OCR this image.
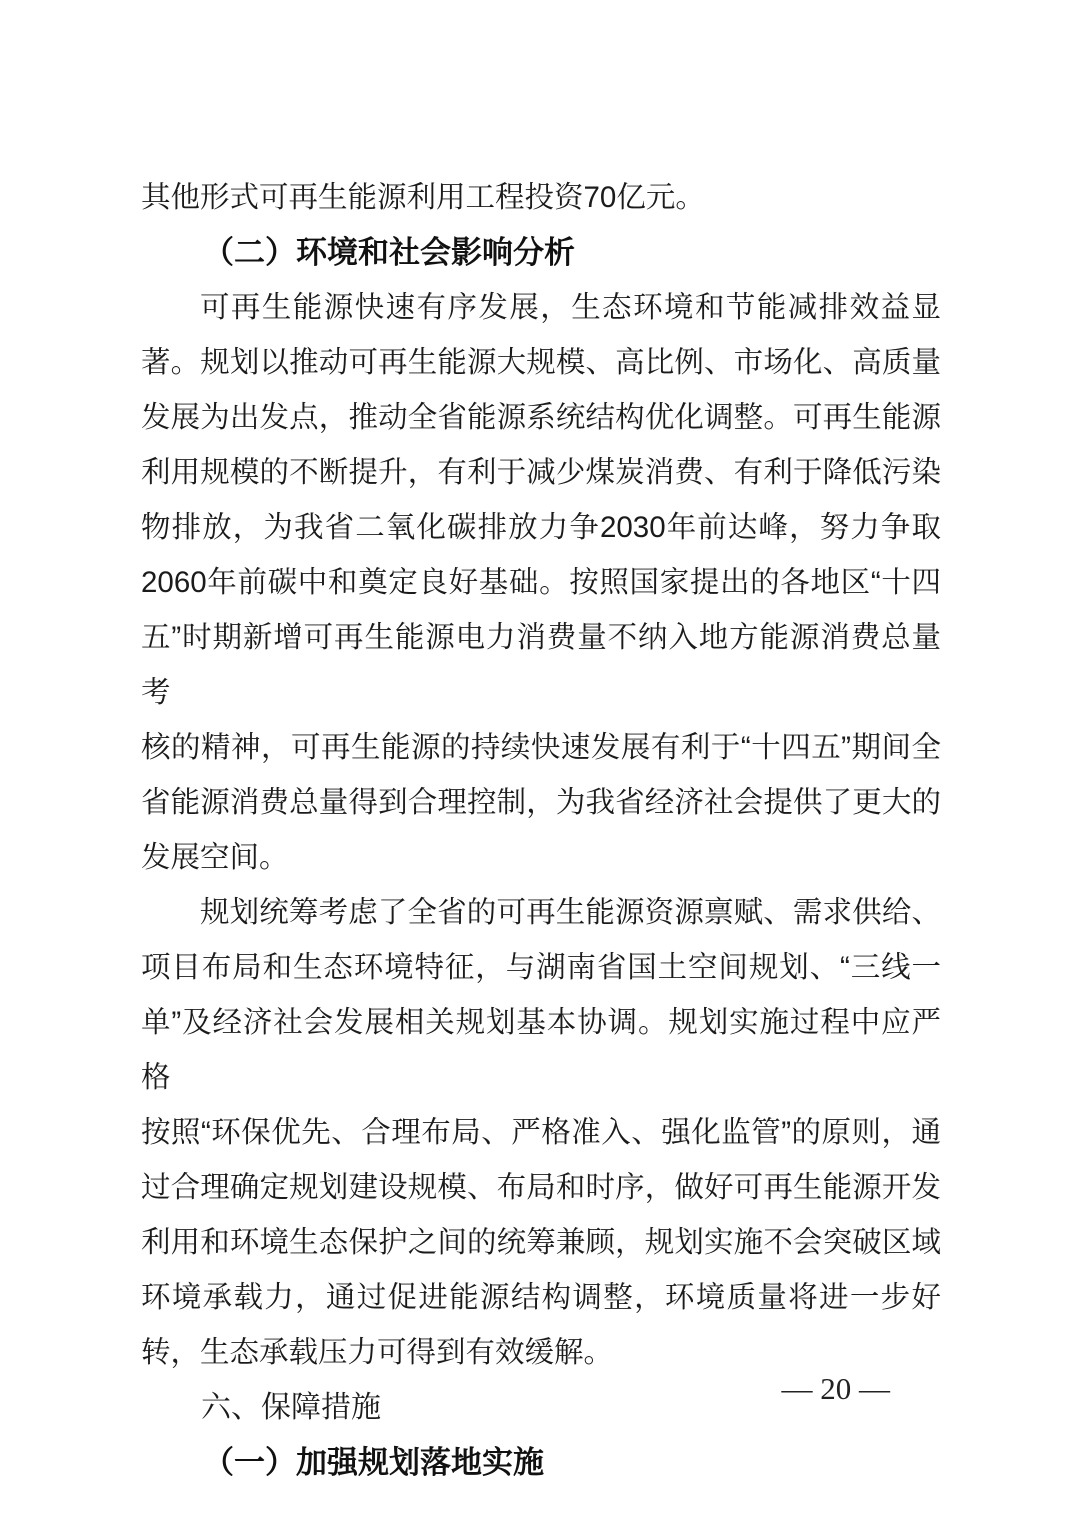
其他形式可再生能源利用工程投资70亿元。
（二）环境和社会影响分析
可再生能源快速有序发展，生态环境和节能减排效益显
著。规划以推动可再生能源大规模、高比例、市场化、高质量
发展为出发点，推动全省能源系统结构优化调整。可再生能源
利用规模的不断提升，有利于减少煤炭消费、有利于降低污染
物排放，为我省二氧化碳排放力争2030年前达峰，努力争取
2060年前碳中和奠定良好基础。按照国家提出的各地区“十四
五”时期新增可再生能源电力消费量不纳入地方能源消费总量考
核的精神，可再生能源的持续快速发展有利于“十四五”期间全
省能源消费总量得到合理控制，为我省经济社会提供了更大的
发展空间。
规划统筹考虑了全省的可再生能源资源禀赋、需求供给、
项目布局和生态环境特征，与湖南省国土空间规划、“三线一
单”及经济社会发展相关规划基本协调。规划实施过程中应严格
按照“环保优先、合理布局、严格准入、强化监管”的原则，通
过合理确定规划建设规模、布局和时序，做好可再生能源开发
利用和环境生态保护之间的统筹兼顾，规划实施不会突破区域
环境承载力，通过促进能源结构调整，环境质量将进一步好
转，生态承载压力可得到有效缓解。
六、保障措施
（一）加强规划落地实施
— 20 —
